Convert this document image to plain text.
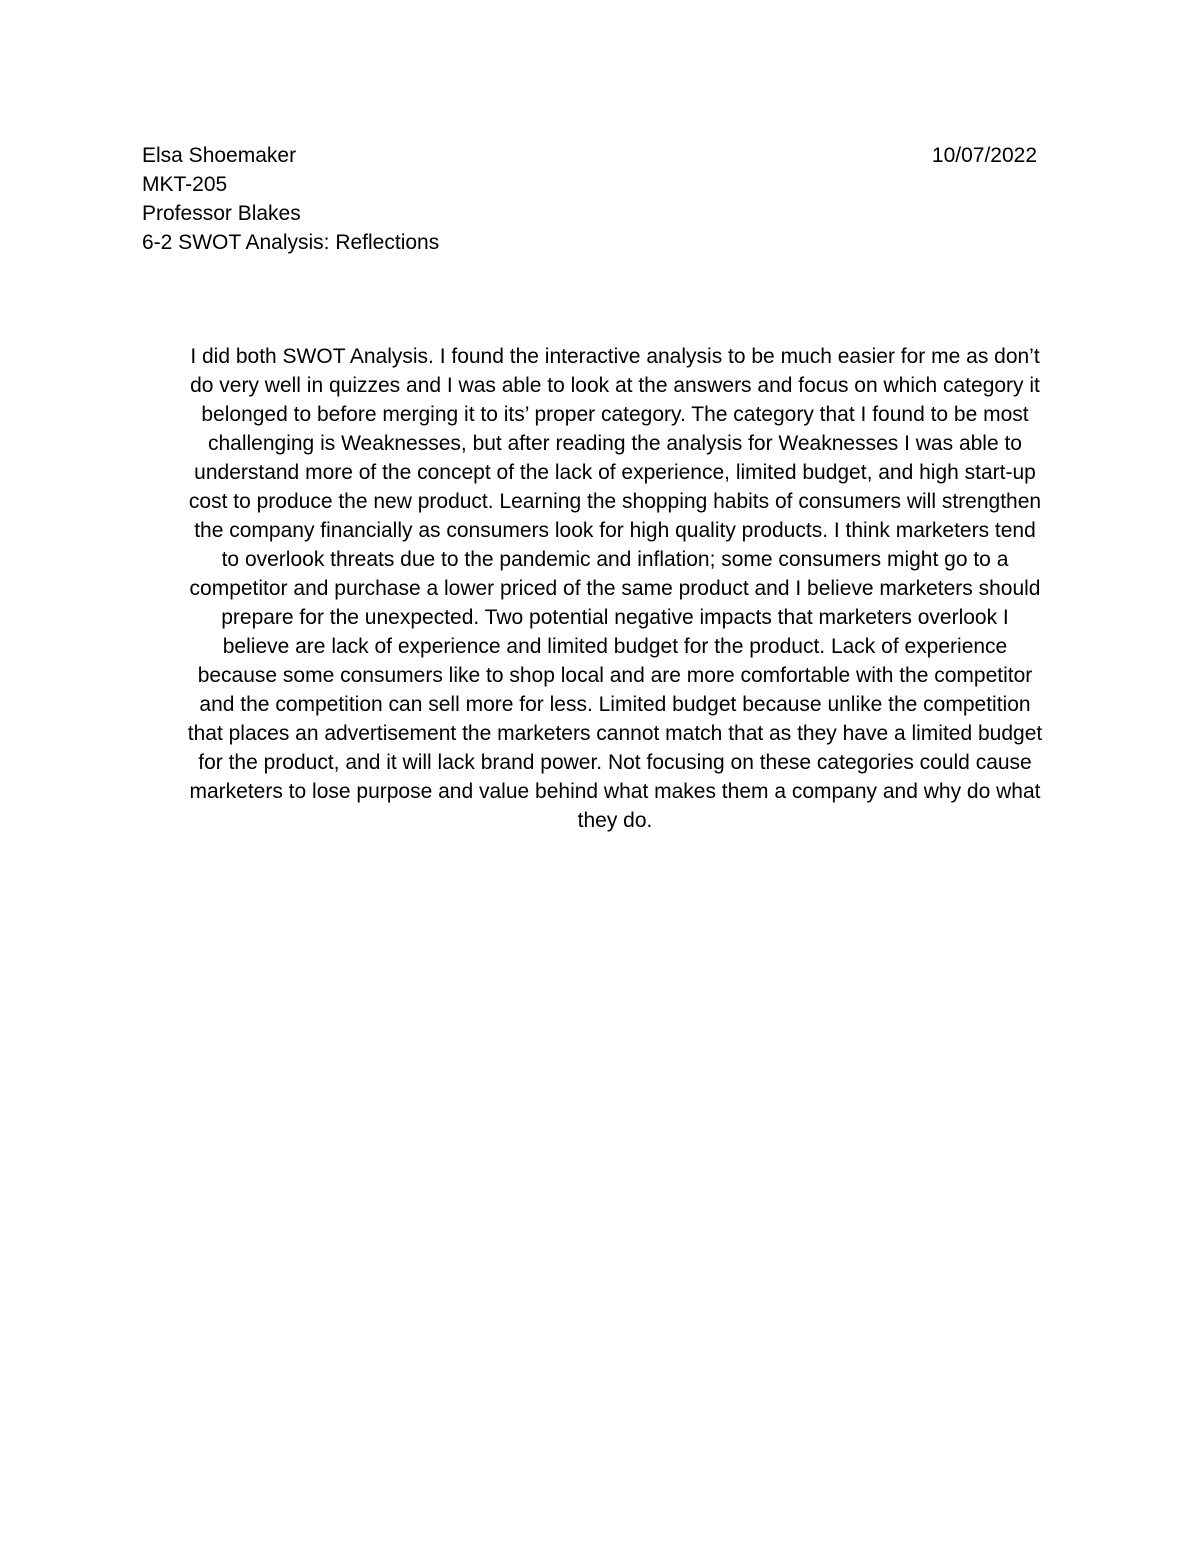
Elsa Shoemaker	10/07/2022
MKT-205
Professor Blakes
6-2 SWOT Analysis: Reflections
I did both SWOT Analysis. I found the interactive analysis to be much easier for me as don’t
do very well in quizzes and I was able to look at the answers and focus on which category it
belonged to before merging it to its’ proper category. The category that I found to be most
challenging is Weaknesses, but after reading the analysis for Weaknesses I was able to
understand more of the concept of the lack of experience, limited budget, and high start-up
cost to produce the new product. Learning the shopping habits of consumers will strengthen
the company financially as consumers look for high quality products. I think marketers tend
to overlook threats due to the pandemic and inflation; some consumers might go to a
competitor and purchase a lower priced of the same product and I believe marketers should
prepare for the unexpected. Two potential negative impacts that marketers overlook I
believe are lack of experience and limited budget for the product. Lack of experience
because some consumers like to shop local and are more comfortable with the competitor
and the competition can sell more for less. Limited budget because unlike the competition
that places an advertisement the marketers cannot match that as they have a limited budget
for the product, and it will lack brand power. Not focusing on these categories could cause
marketers to lose purpose and value behind what makes them a company and why do what
they do.
